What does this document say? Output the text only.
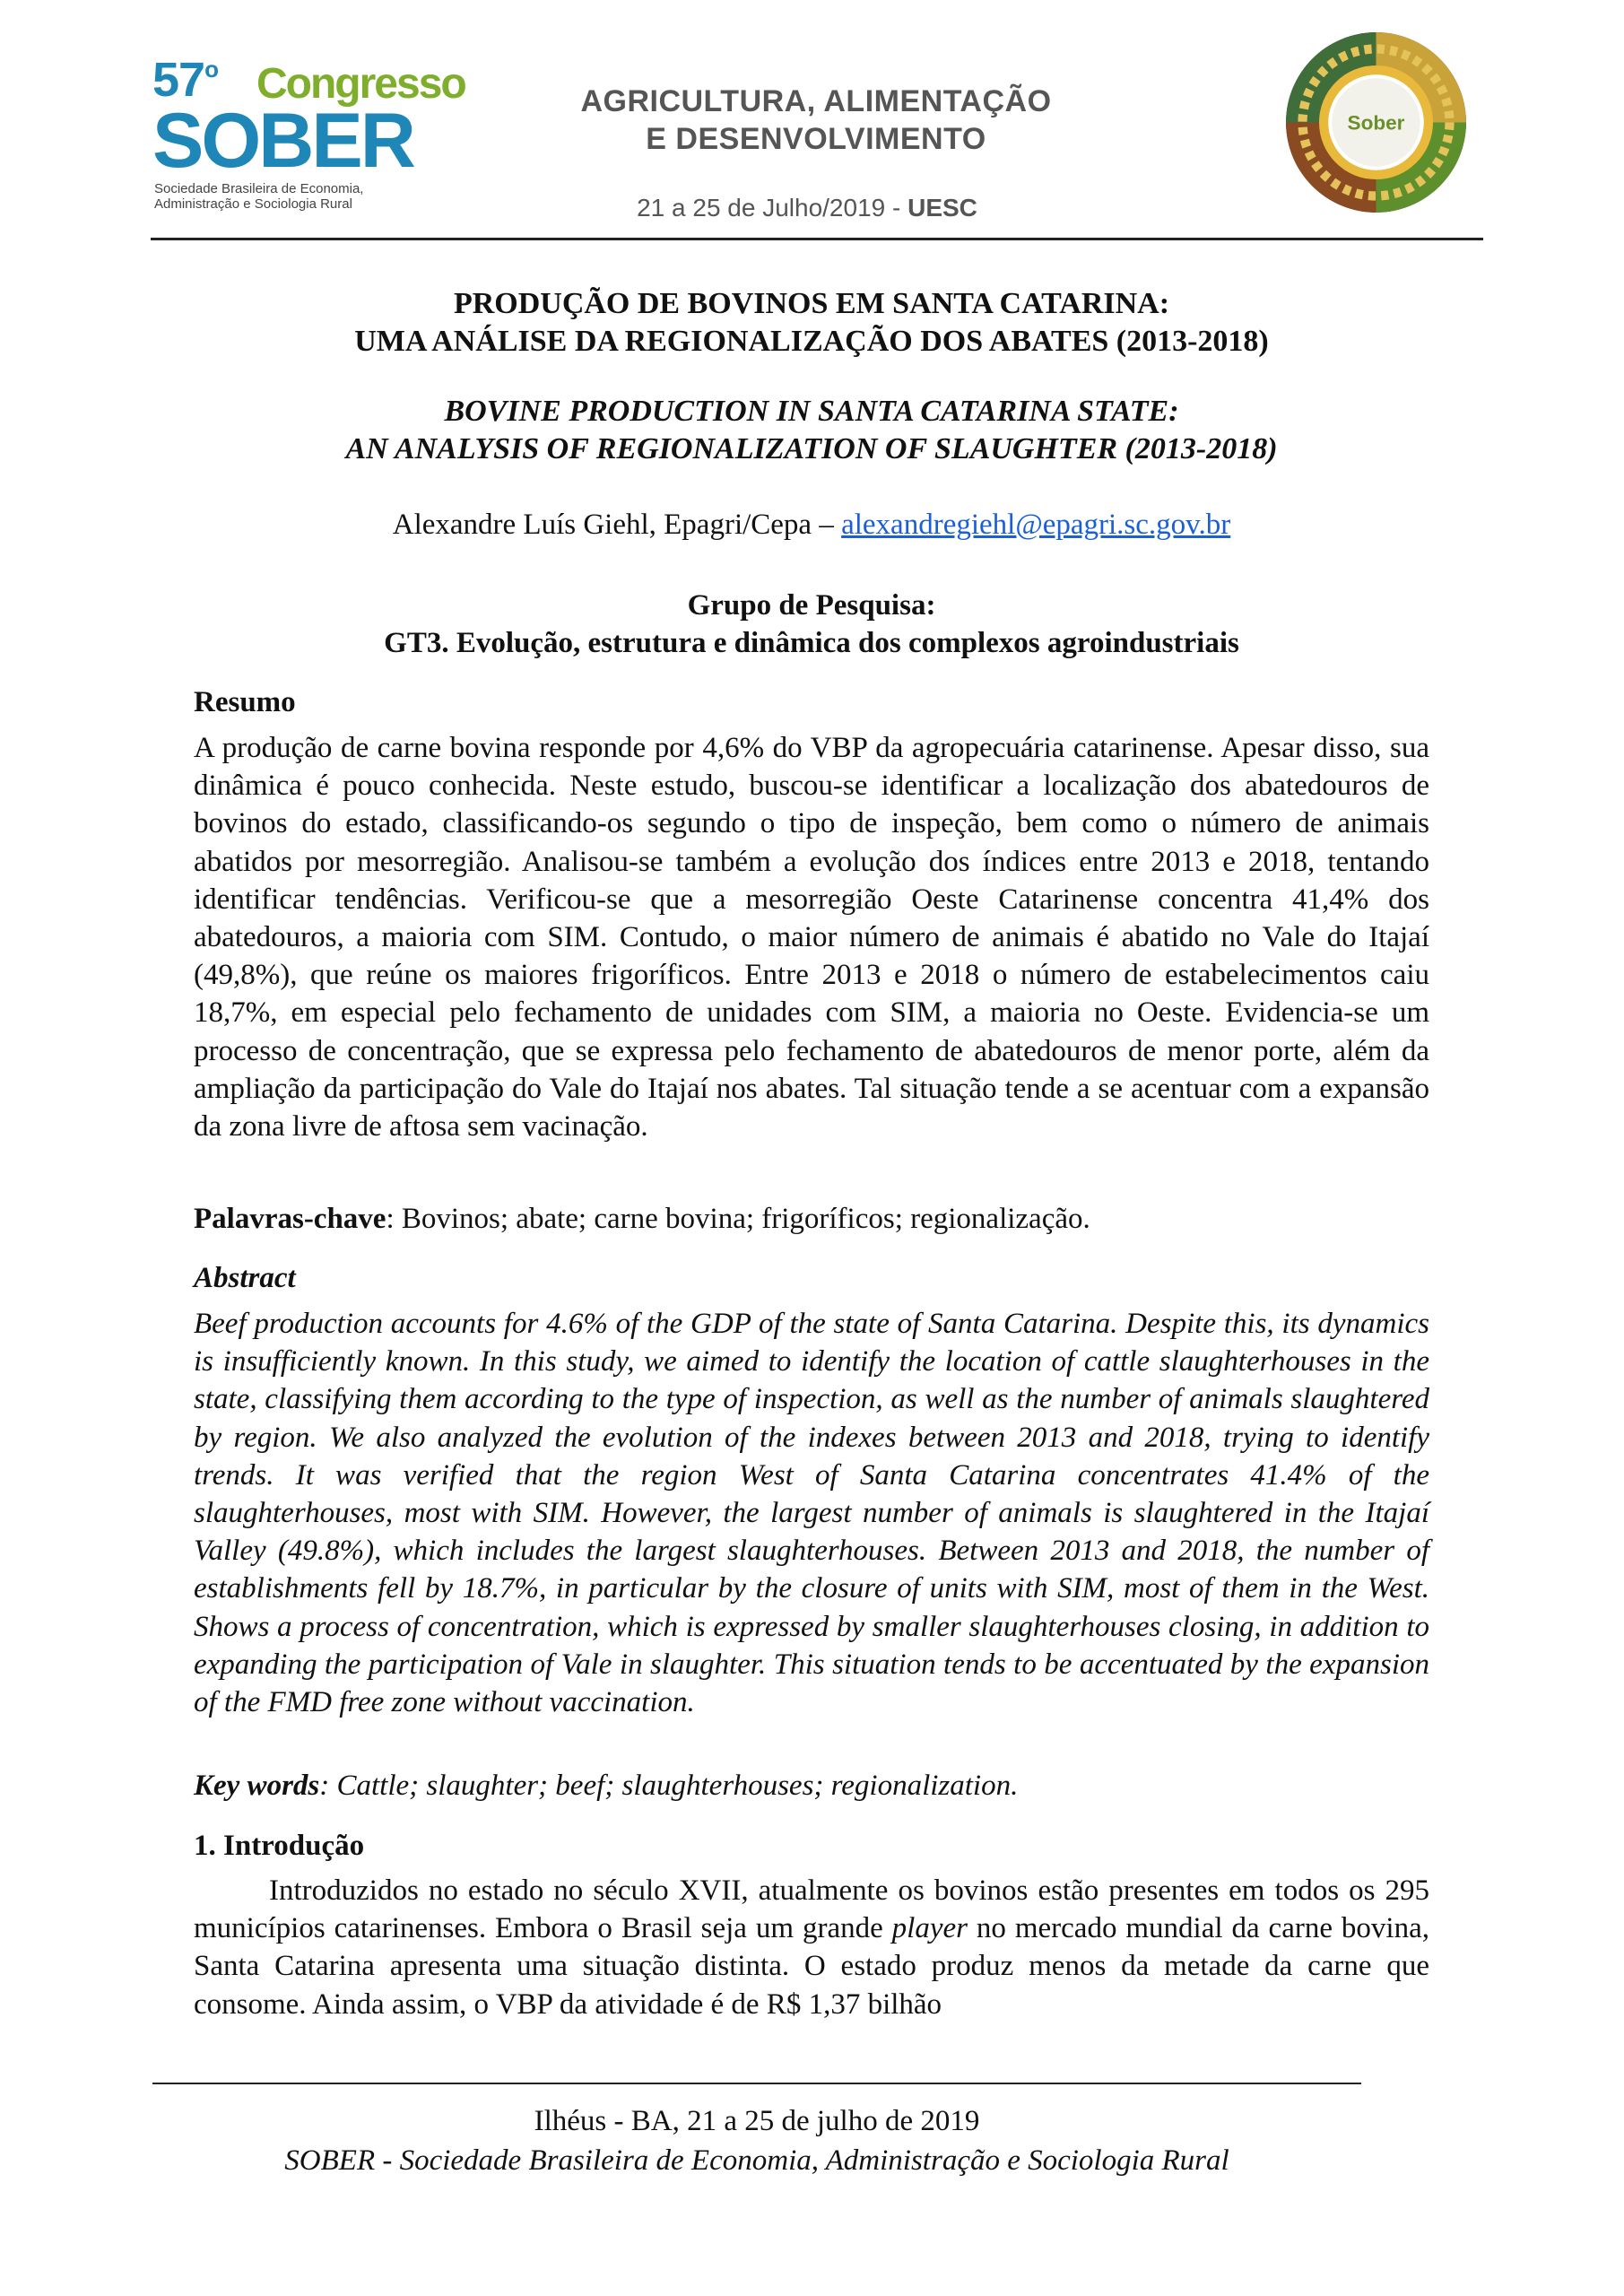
57$^o$ Congresso
SOBER
Sociedade Brasileira de Economia,
Administração e Sociologia Rural
AGRICULTURA, ALIMENTAÇÃO
E DESENVOLVIMENTO
21 a 25 de Julho/2019 - UESC
Sober
PRODUÇÃO DE BOVINOS EM SANTA CATARINA:
UMA ANÁLISE DA REGIONALIZAÇÃO DOS ABATES (2013-2018)
BOVINE PRODUCTION IN SANTA CATARINA STATE:
AN ANALYSIS OF REGIONALIZATION OF SLAUGHTER (2013-2018)
Alexandre Luís Giehl, Epagri/Cepa – alexandregiehl@epagri.sc.gov.br
Grupo de Pesquisa:
GT3. Evolução, estrutura e dinâmica dos complexos agroindustriais
Resumo

A produção de carne bovina responde por 4,6% do VBP da agropecuária catarinense. Apesar disso, sua dinâmica é pouco conhecida. Neste estudo, buscou-se identificar a localização dos abatedouros de bovinos do estado, classificando-os segundo o tipo de inspeção, bem como o número de animais abatidos por mesorregião. Analisou-se também a evolução dos índices entre 2013 e 2018, tentando identificar tendências. Verificou-se que a mesorregião Oeste Catarinense concentra 41,4% dos abatedouros, a maioria com SIM. Contudo, o maior número de animais é abatido no Vale do Itajaí (49,8%), que reúne os maiores frigoríficos. Entre 2013 e 2018 o número de estabelecimentos caiu 18,7%, em especial pelo fechamento de unidades com SIM, a maioria no Oeste. Evidencia-se um processo de concentração, que se expressa pelo fechamento de abatedouros de menor porte, além da ampliação da participação do Vale do Itajaí nos abates. Tal situação tende a se acentuar com a expansão da zona livre de aftosa sem vacinação.

Palavras-chave: Bovinos; abate; carne bovina; frigoríficos; regionalização.
Abstract

Beef production accounts for 4.6% of the GDP of the state of Santa Catarina. Despite this, its dynamics is insufficiently known. In this study, we aimed to identify the location of cattle slaughterhouses in the state, classifying them according to the type of inspection, as well as the number of animals slaughtered by region. We also analyzed the evolution of the indexes between 2013 and 2018, trying to identify trends. It was verified that the region West of Santa Catarina concentrates 41.4% of the slaughterhouses, most with SIM. However, the largest number of animals is slaughtered in the Itajaí Valley (49.8%), which includes the largest slaughterhouses. Between 2013 and 2018, the number of establishments fell by 18.7%, in particular by the closure of units with SIM, most of them in the West. Shows a process of concentration, which is expressed by smaller slaughterhouses closing, in addition to expanding the participation of Vale in slaughter. This situation tends to be accentuated by the expansion of the FMD free zone without vaccination.

Key words: Cattle; slaughter; beef; slaughterhouses; regionalization.
1. Introdução

Introduzidos no estado no século XVII, atualmente os bovinos estão presentes em todos os 295 municípios catarinenses. Embora o Brasil seja um grande player no mercado mundial da carne bovina, Santa Catarina apresenta uma situação distinta. O estado produz menos da metade da carne que consome. Ainda assim, o VBP da atividade é de R$ 1,37 bilhão

Ilhéus - BA, 21 a 25 de julho de 2019
SOBER - Sociedade Brasileira de Economia, Administração e Sociologia Rural
